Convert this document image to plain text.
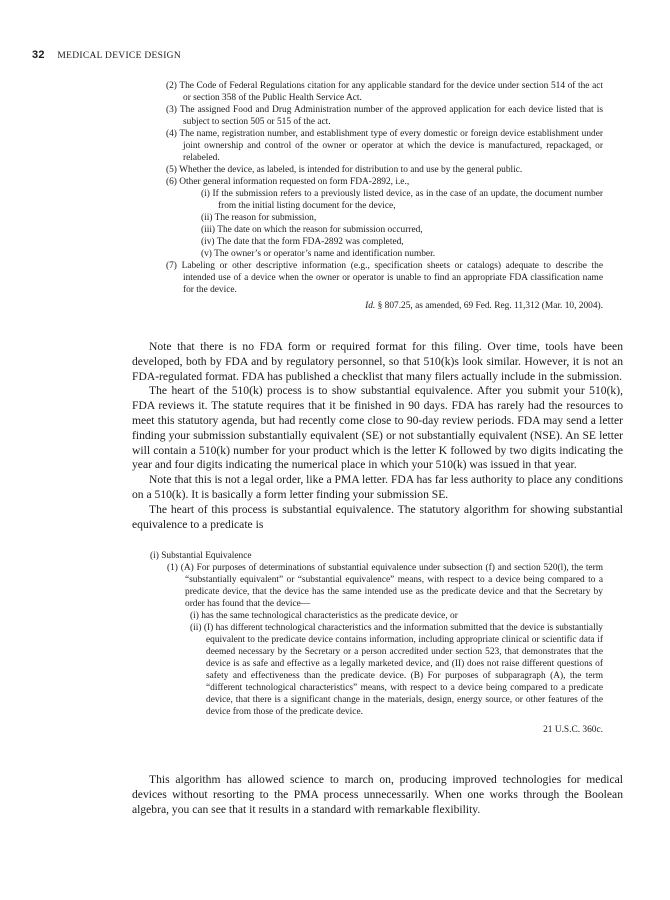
32 MEDICAL DEVICE DESIGN

(2) The Code of Federal Regulations citation for any applicable standard for the device under section 514 of the act or section 358 of the Public Health Service Act.

(3) The assigned Food and Drug Administration number of the approved application for each device listed that is subject to section 505 or 515 of the act.

(4) The name, registration number, and establishment type of every domestic or foreign device establishment under joint ownership and control of the owner or operator at which the device is manufactured, repackaged, or relabeled.

(5) Whether the device, as labeled, is intended for distribution to and use by the general public.

(6) Other general information requested on form FDA-2892, i.e.,

(i) If the submission refers to a previously listed device, as in the case of an update, the document number from the initial listing document for the device,

(ii) The reason for submission,

(iii) The date on which the reason for submission occurred,

(iv) The date that the form FDA-2892 was completed,

(v) The owner’s or operator’s name and identification number.

(7) Labeling or other descriptive information (e.g., specification sheets or catalogs) adequate to describe the intended use of a device when the owner or operator is unable to find an appropriate FDA classification name for the device.

Id. § 807.25, as amended, 69 Fed. Reg. 11,312 (Mar. 10, 2004).

Note that there is no FDA form or required format for this filing. Over time, tools have been developed, both by FDA and by regulatory personnel, so that 510(k)s look similar. However, it is not an FDA-regulated format. FDA has published a checklist that many filers actually include in the submission.

The heart of the 510(k) process is to show substantial equivalence. After you submit your 510(k), FDA reviews it. The statute requires that it be finished in 90 days. FDA has rarely had the resources to meet this statutory agenda, but had recently come close to 90-day review periods. FDA may send a letter finding your submission substantially equivalent (SE) or not substantially equivalent (NSE). An SE letter will contain a 510(k) number for your product which is the letter K followed by two digits indicating the year and four digits indicating the numerical place in which your 510(k) was issued in that year.

Note that this is not a legal order, like a PMA letter. FDA has far less authority to place any conditions on a 510(k). It is basically a form letter finding your submission SE.

The heart of this process is substantial equivalence. The statutory algorithm for showing substantial equivalence to a predicate is

(i) Substantial Equivalence

(1) (A) For purposes of determinations of substantial equivalence under subsection (f) and section 520(l), the term “substantially equivalent” or “substantial equivalence” means, with respect to a device being compared to a predicate device, that the device has the same intended use as the predicate device and that the Secretary by order has found that the device—

(i) has the same technological characteristics as the predicate device, or

(ii) (I) has different technological characteristics and the information submitted that the device is substantially equivalent to the predicate device contains information, including appropriate clinical or scientific data if deemed necessary by the Secretary or a person accredited under section 523, that demonstrates that the device is as safe and effective as a legally marketed device, and (II) does not raise different questions of safety and effectiveness than the predicate device. (B) For purposes of subparagraph (A), the term “different technological characteristics” means, with respect to a device being compared to a predicate device, that there is a significant change in the materials, design, energy source, or other features of the device from those of the predicate device.

21 U.S.C. 360c.

This algorithm has allowed science to march on, producing improved technologies for medical devices without resorting to the PMA process unnecessarily. When one works through the Boolean algebra, you can see that it results in a standard with remarkable flexibility.
